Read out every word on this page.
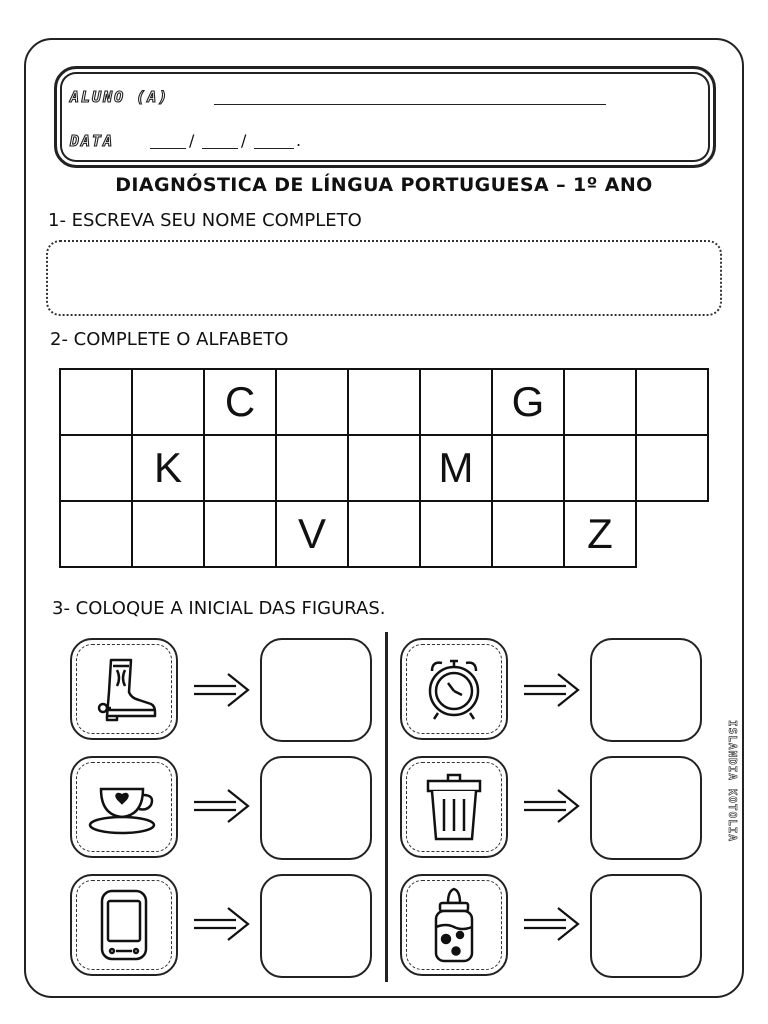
ALUNO (A)
DATA	/	/	.
DIAGNÓSTICA DE LÍNGUA PORTUGUESA – 1º ANO
1- ESCREVA SEU NOME COMPLETO
2- COMPLETE O ALFABETO
		C				G		
	K				M			
			V				Z	
3- COLOQUE A INICIAL DAS FIGURAS.
ISLANDIA KOTOLIA
